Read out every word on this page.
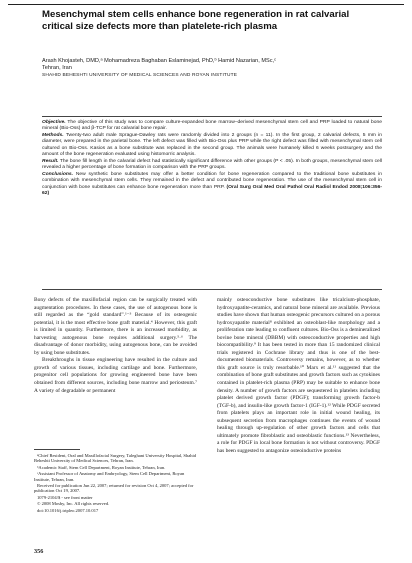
Mesenchymal stem cells enhance bone regeneration in rat calvarial critical size defects more than platelete-rich plasma
Arash Khojasteh, DMD,ᵃ Mohamadreza Baghaban Eslaminejad, PhD,ᵇ Hamid Nazarian, MSc,ᶜ
Tehran, Iran
SHAHID BEHESHTI UNIVERSITY OF MEDICAL SCIENCES AND ROYAN INSTITUTE

Objective. The objective of this study was to compare culture-expanded bone marrow–derived mesenchymal stem cell and PRP loaded to natural bone mineral (Bio-Oss) and β-TCP for rat calvarial bone repair.

Methods. Twenty-two adult male Sprague-Dawley rats were randomly divided into 2 groups (n = 11). In the first group, 2 calvarial defects, 5 mm in diameter, were prepared in the parietal bone. The left defect was filled with Bio-Oss plus PRP while the right defect was filled with mesenchymal stem cell cultured on Bio-Oss. Kasios as a bone substitute was replaced in the second group. The animals were humanely killed 6 weeks postsurgery and the amount of the bone regeneration evaluated using histomorric analysis.

Result. The bone fill length in the calvarial defect had statistically significant difference with other groups (P < .05). In both groups, mesenchymal stem cell revealed a higher percentage of bone formation in comparison with the PRP groups.

Conclusions. New synthetic bone substitutes may offer a better condition for bone regeneration compared to the traditional bone substitutes in combination with mesenchymal stem cells. They remained in the defect and contributed bone regeneration. The use of the mesenchymal stem cell in conjunction with bone substitutes can enhance bone regeneration more than PRP. (Oral Surg Oral Med Oral Pathol Oral Radiol Endod 2008;106:356-62)

Bony defects of the maxillofacial region can be surgically treated with augmentation procedures. In these cases, the use of autogenous bone is still regarded as the “gold standard”.¹⁻³ Because of its osteogenic potential, it is the most effective bone graft material.⁴ However, this graft is limited in quantity. Furthermore, there is an increased morbidity, as harvesting autogenous bone requires additional surgery.⁵·⁶ The disadvantage of donor morbidity, using autogenous bone, can be avoided by using bone substitutes.

Breakthroughs in tissue engineering have resulted in the culture and growth of various tissues, including cartilage and bone. Furthermore, progenitor cell populations for growing engineered bone have been obtained from different sources, including bone marrow and periosteum.⁷ A variety of degradable or permanent

ᵃChief Resident, Oral and Maxillofacial Surgery, Taleghani University Hospital, Shahid Beheshti University of Medical Sciences, Tehran, Iran.
ᵇAcademic Staff, Stem Cell Department, Royan Institute, Tehran, Iran.
ᶜAssistant Professor of Anatomy and Embryology, Stem Cell Department, Royan Institute, Tehran, Iran.
Received for publication Jun 22, 2007; returned for revision Oct 4, 2007; accepted for publication Oct 19, 2007.
1079-2104/$ - see front matter
© 2008 Mosby, Inc. All rights reserved.
doi:10.1016/j.tripleo.2007.10.017

mainly osteoconductive bone substitutes like tricalcium-phosphate, hydroxyapatite-ceramics, and natural bone mineral are available. Previous studies have shown that human osteogenic precursors cultured on a porous hydroxyapatite material⁸ exhibited an osteoblast-like morphology and a proliferation rate leading to confluent cultures. Bio-Oss is a demineralized bovine bone mineral (DBBM) with osteoconductive properties and high biocompatibility.⁹ It has been tested in more than 15 randomized clinical trials registered in Cochrane library and thus is one of the best-documented biomaterials. Controversy remains, however, as to whether this graft source is truly resorbable.¹⁰ Marx et al.¹¹ suggested that the combination of bone graft substitutes and growth factors such as cytokines contained in platelet-rich plasma (PRP) may be suitable to enhance bone density. A number of growth factors are sequestered in platelets including platelet derived growth factor (PDGF); transforming growth factor-b (TGF-b), and insulin-like growth factor-1 (IGF-1).¹² While PDGF secreted from platelets plays an important role in initial wound healing, its subsequent secretion from macrophages continues the events of wound healing through up-regulation of other growth factors and cells that ultimately promote fibroblastic and osteoblastic functions.¹³ Nevertheless, a role for PDGF in local bone formation is not without controversy. PDGF has been suggested to antagonize osteoinductive proteins

356
